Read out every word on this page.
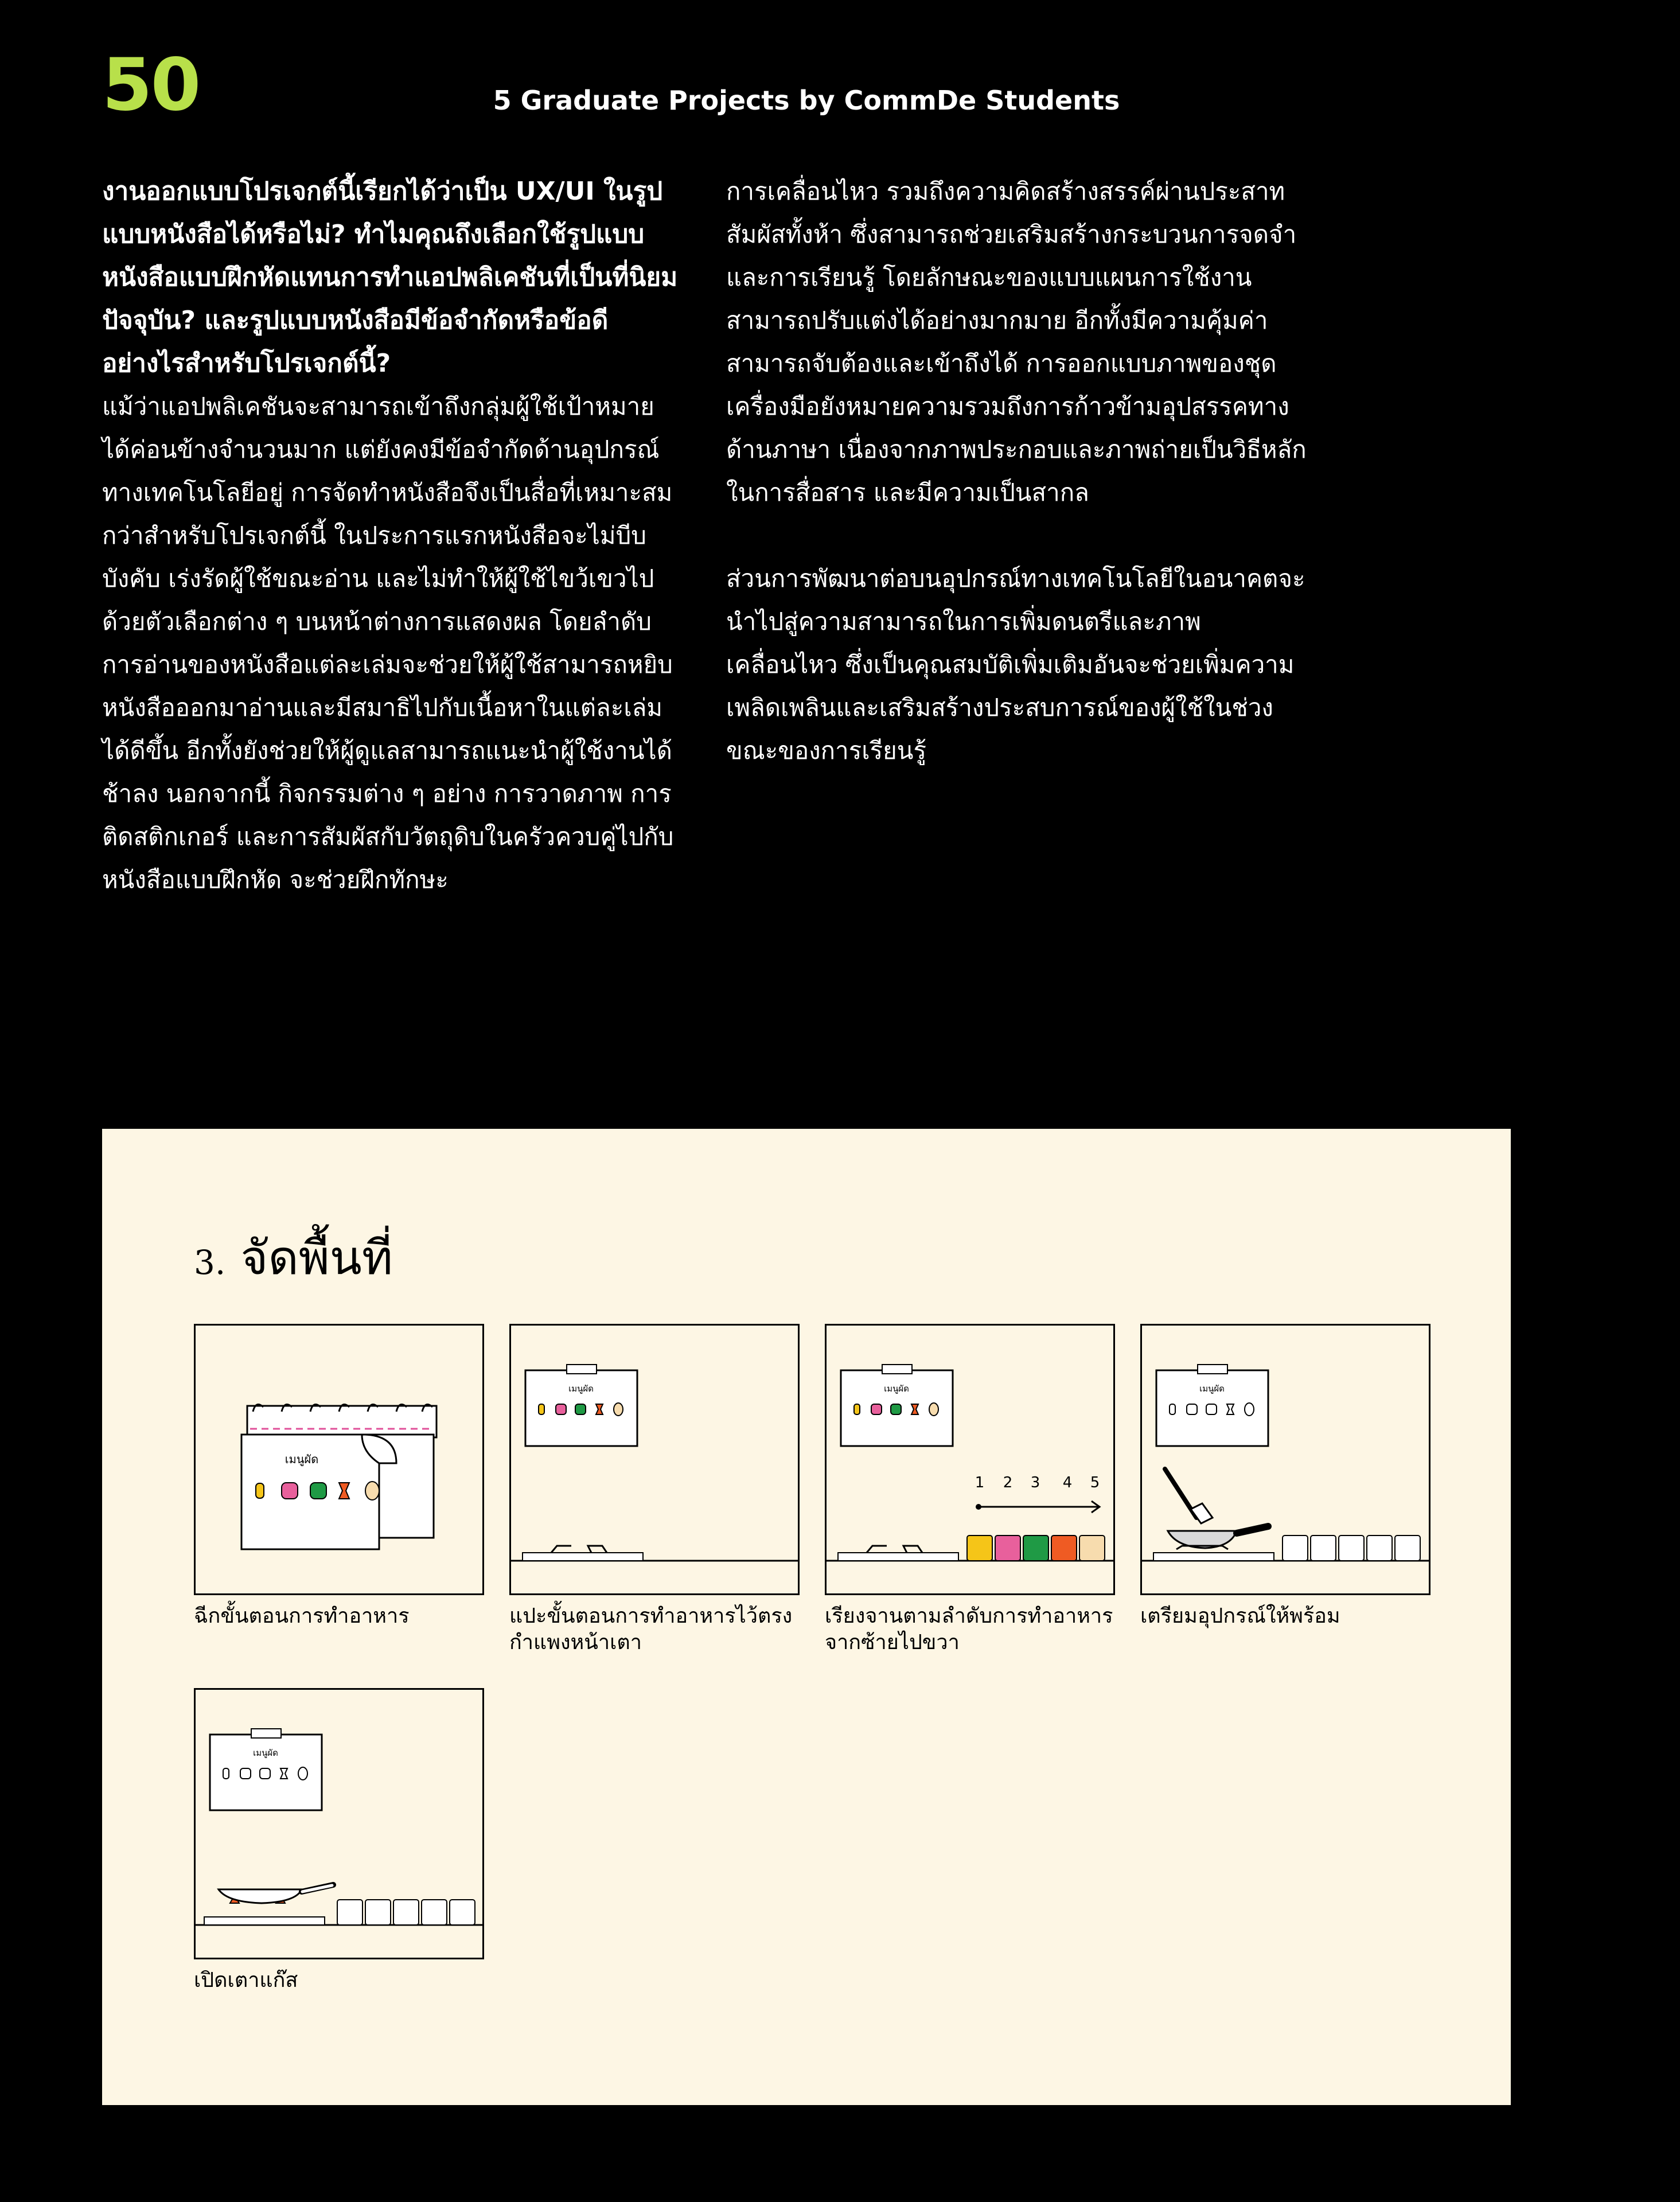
50	5 Graduate Projects by CommDe Students
งานออกแบบโปรเจกต์นี้เรียกได้ว่าเป็น UX/UI ในรูปแบบหนังสือได้หรือไม่? ทำไมคุณถึงเลือกใช้รูปแบบหนังสือแบบฝึกหัดแทนการทำแอปพลิเคชันที่เป็นที่นิยมปัจจุบัน? และรูปแบบหนังสือมีข้อจำกัดหรือข้อดีอย่างไรสำหรับโปรเจกต์นี้?
แม้ว่าแอปพลิเคชันจะสามารถเข้าถึงกลุ่มผู้ใช้เป้าหมายได้ค่อนข้างจำนวนมาก แต่ยังคงมีข้อจำกัดด้านอุปกรณ์ทางเทคโนโลยีอยู่ การจัดทำหนังสือจึงเป็นสื่อที่เหมาะสมกว่าสำหรับโปรเจกต์นี้ ในประการแรกหนังสือจะไม่บีบบังคับ เร่งรัดผู้ใช้ขณะอ่าน และไม่ทำให้ผู้ใช้ไขว้เขวไปด้วยตัวเลือกต่าง ๆ บนหน้าต่างการแสดงผล โดยลำดับการอ่านของหนังสือแต่ละเล่มจะช่วยให้ผู้ใช้สามารถหยิบหนังสือออกมาอ่านและมีสมาธิไปกับเนื้อหาในแต่ละเล่มได้ดีขึ้น อีกทั้งยังช่วยให้ผู้ดูแลสามารถแนะนำผู้ใช้งานได้ช้าลง นอกจากนี้ กิจกรรมต่าง ๆ อย่าง การวาดภาพ การติดสติกเกอร์ และการสัมผัสกับวัตถุดิบในครัวควบคู่ไปกับหนังสือแบบฝึกหัด จะช่วยฝึกทักษะ
การเคลื่อนไหว รวมถึงความคิดสร้างสรรค์ผ่านประสาทสัมผัสทั้งห้า ซึ่งสามารถช่วยเสริมสร้างกระบวนการจดจำและการเรียนรู้ โดยลักษณะของแบบแผนการใช้งานสามารถปรับแต่งได้อย่างมากมาย อีกทั้งมีความคุ้มค่า สามารถจับต้องและเข้าถึงได้ การออกแบบภาพของชุดเครื่องมือยังหมายความรวมถึงการก้าวข้ามอุปสรรคทางด้านภาษา เนื่องจากภาพประกอบและภาพถ่ายเป็นวิธีหลักในการสื่อสาร และมีความเป็นสากล
ส่วนการพัฒนาต่อบนอุปกรณ์ทางเทคโนโลยีในอนาคตจะนำไปสู่ความสามารถในการเพิ่มดนตรีและภาพเคลื่อนไหว ซึ่งเป็นคุณสมบัติเพิ่มเติมอันจะช่วยเพิ่มความเพลิดเพลินและเสริมสร้างประสบการณ์ของผู้ใช้ในช่วงขณะของการเรียนรู้
3. จัดพื้นที่
เมนูผัด
ฉีกขั้นตอนการทำอาหาร
เมนูผัด
แปะขั้นตอนการทำอาหารไว้ตรงกำแพงหน้าเตา
เมนูผัด
1 2 3 4 5
เรียงจานตามลำดับการทำอาหารจากซ้ายไปขวา
เมนูผัด
เตรียมอุปกรณ์ให้พร้อม
เมนูผัด
เปิดเตาแก๊ส
